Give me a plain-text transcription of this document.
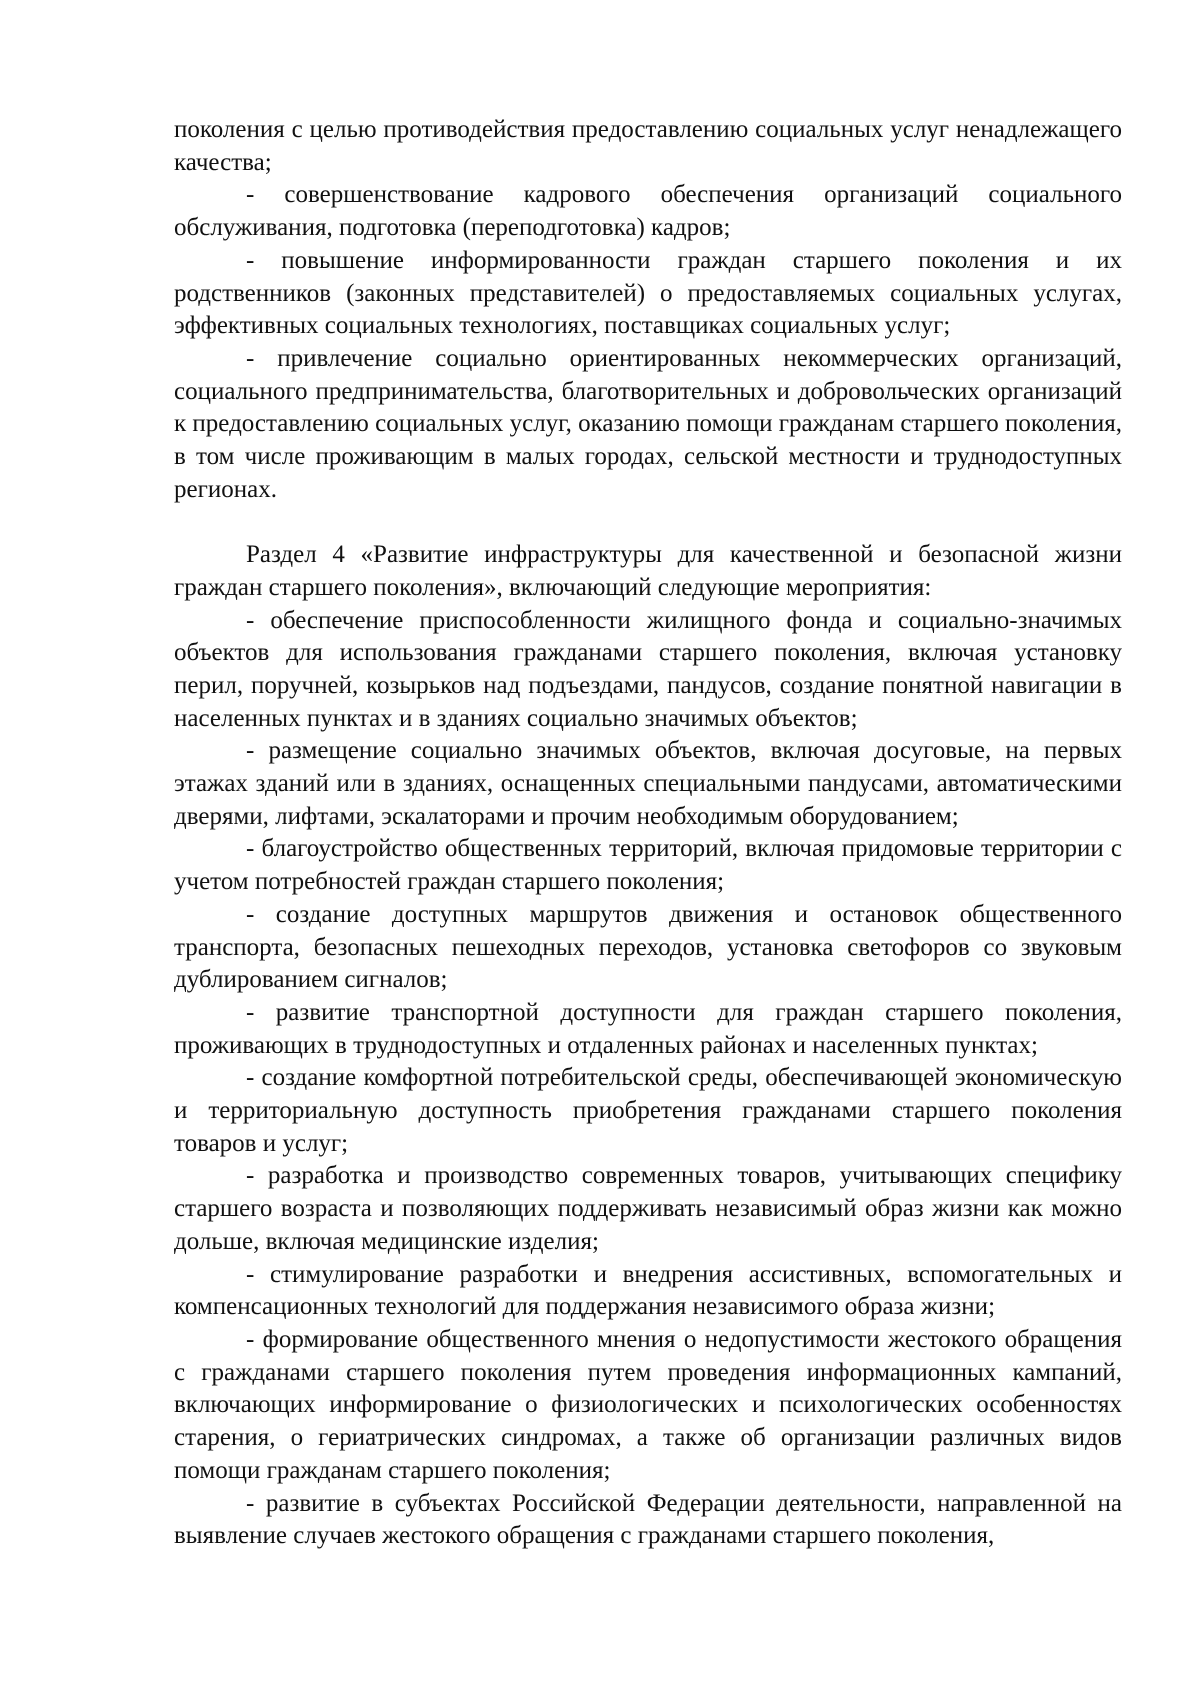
поколения с целью противодействия предоставлению социальных услуг ненадлежащего качества;

- совершенствование кадрового обеспечения организаций социального обслуживания, подготовка (переподготовка) кадров;

- повышение информированности граждан старшего поколения и их родственников (законных представителей) о предоставляемых социальных услугах, эффективных социальных технологиях, поставщиках социальных услуг;

- привлечение социально ориентированных некоммерческих организаций, социального предпринимательства, благотворительных и добровольческих организаций к предоставлению социальных услуг, оказанию помощи гражданам старшего поколения, в том числе проживающим в малых городах, сельской местности и труднодоступных регионах.

Раздел 4 «Развитие инфраструктуры для качественной и безопасной жизни граждан старшего поколения», включающий следующие мероприятия:

- обеспечение приспособленности жилищного фонда и социально-значимых объектов для использования гражданами старшего поколения, включая установку перил, поручней, козырьков над подъездами, пандусов, создание понятной навигации в населенных пунктах и в зданиях социально значимых объектов;

- размещение социально значимых объектов, включая досуговые, на первых этажах зданий или в зданиях, оснащенных специальными пандусами, автоматическими дверями, лифтами, эскалаторами и прочим необходимым оборудованием;

- благоустройство общественных территорий, включая придомовые территории с учетом потребностей граждан старшего поколения;

- создание доступных маршрутов движения и остановок общественного транспорта, безопасных пешеходных переходов, установка светофоров со звуковым дублированием сигналов;

- развитие транспортной доступности для граждан старшего поколения, проживающих в труднодоступных и отдаленных районах и населенных пунктах;

- создание комфортной потребительской среды, обеспечивающей экономическую и территориальную доступность приобретения гражданами старшего поколения товаров и услуг;

- разработка и производство современных товаров, учитывающих специфику старшего возраста и позволяющих поддерживать независимый образ жизни как можно дольше, включая медицинские изделия;

- стимулирование разработки и внедрения ассистивных, вспомогательных и компенсационных технологий для поддержания независимого образа жизни;

- формирование общественного мнения о недопустимости жестокого обращения с гражданами старшего поколения путем проведения информационных кампаний, включающих информирование о физиологических и психологических особенностях старения, о гериатрических синдромах, а также об организации различных видов помощи гражданам старшего поколения;

- развитие в субъектах Российской Федерации деятельности, направленной на выявление случаев жестокого обращения с гражданами старшего поколения,
